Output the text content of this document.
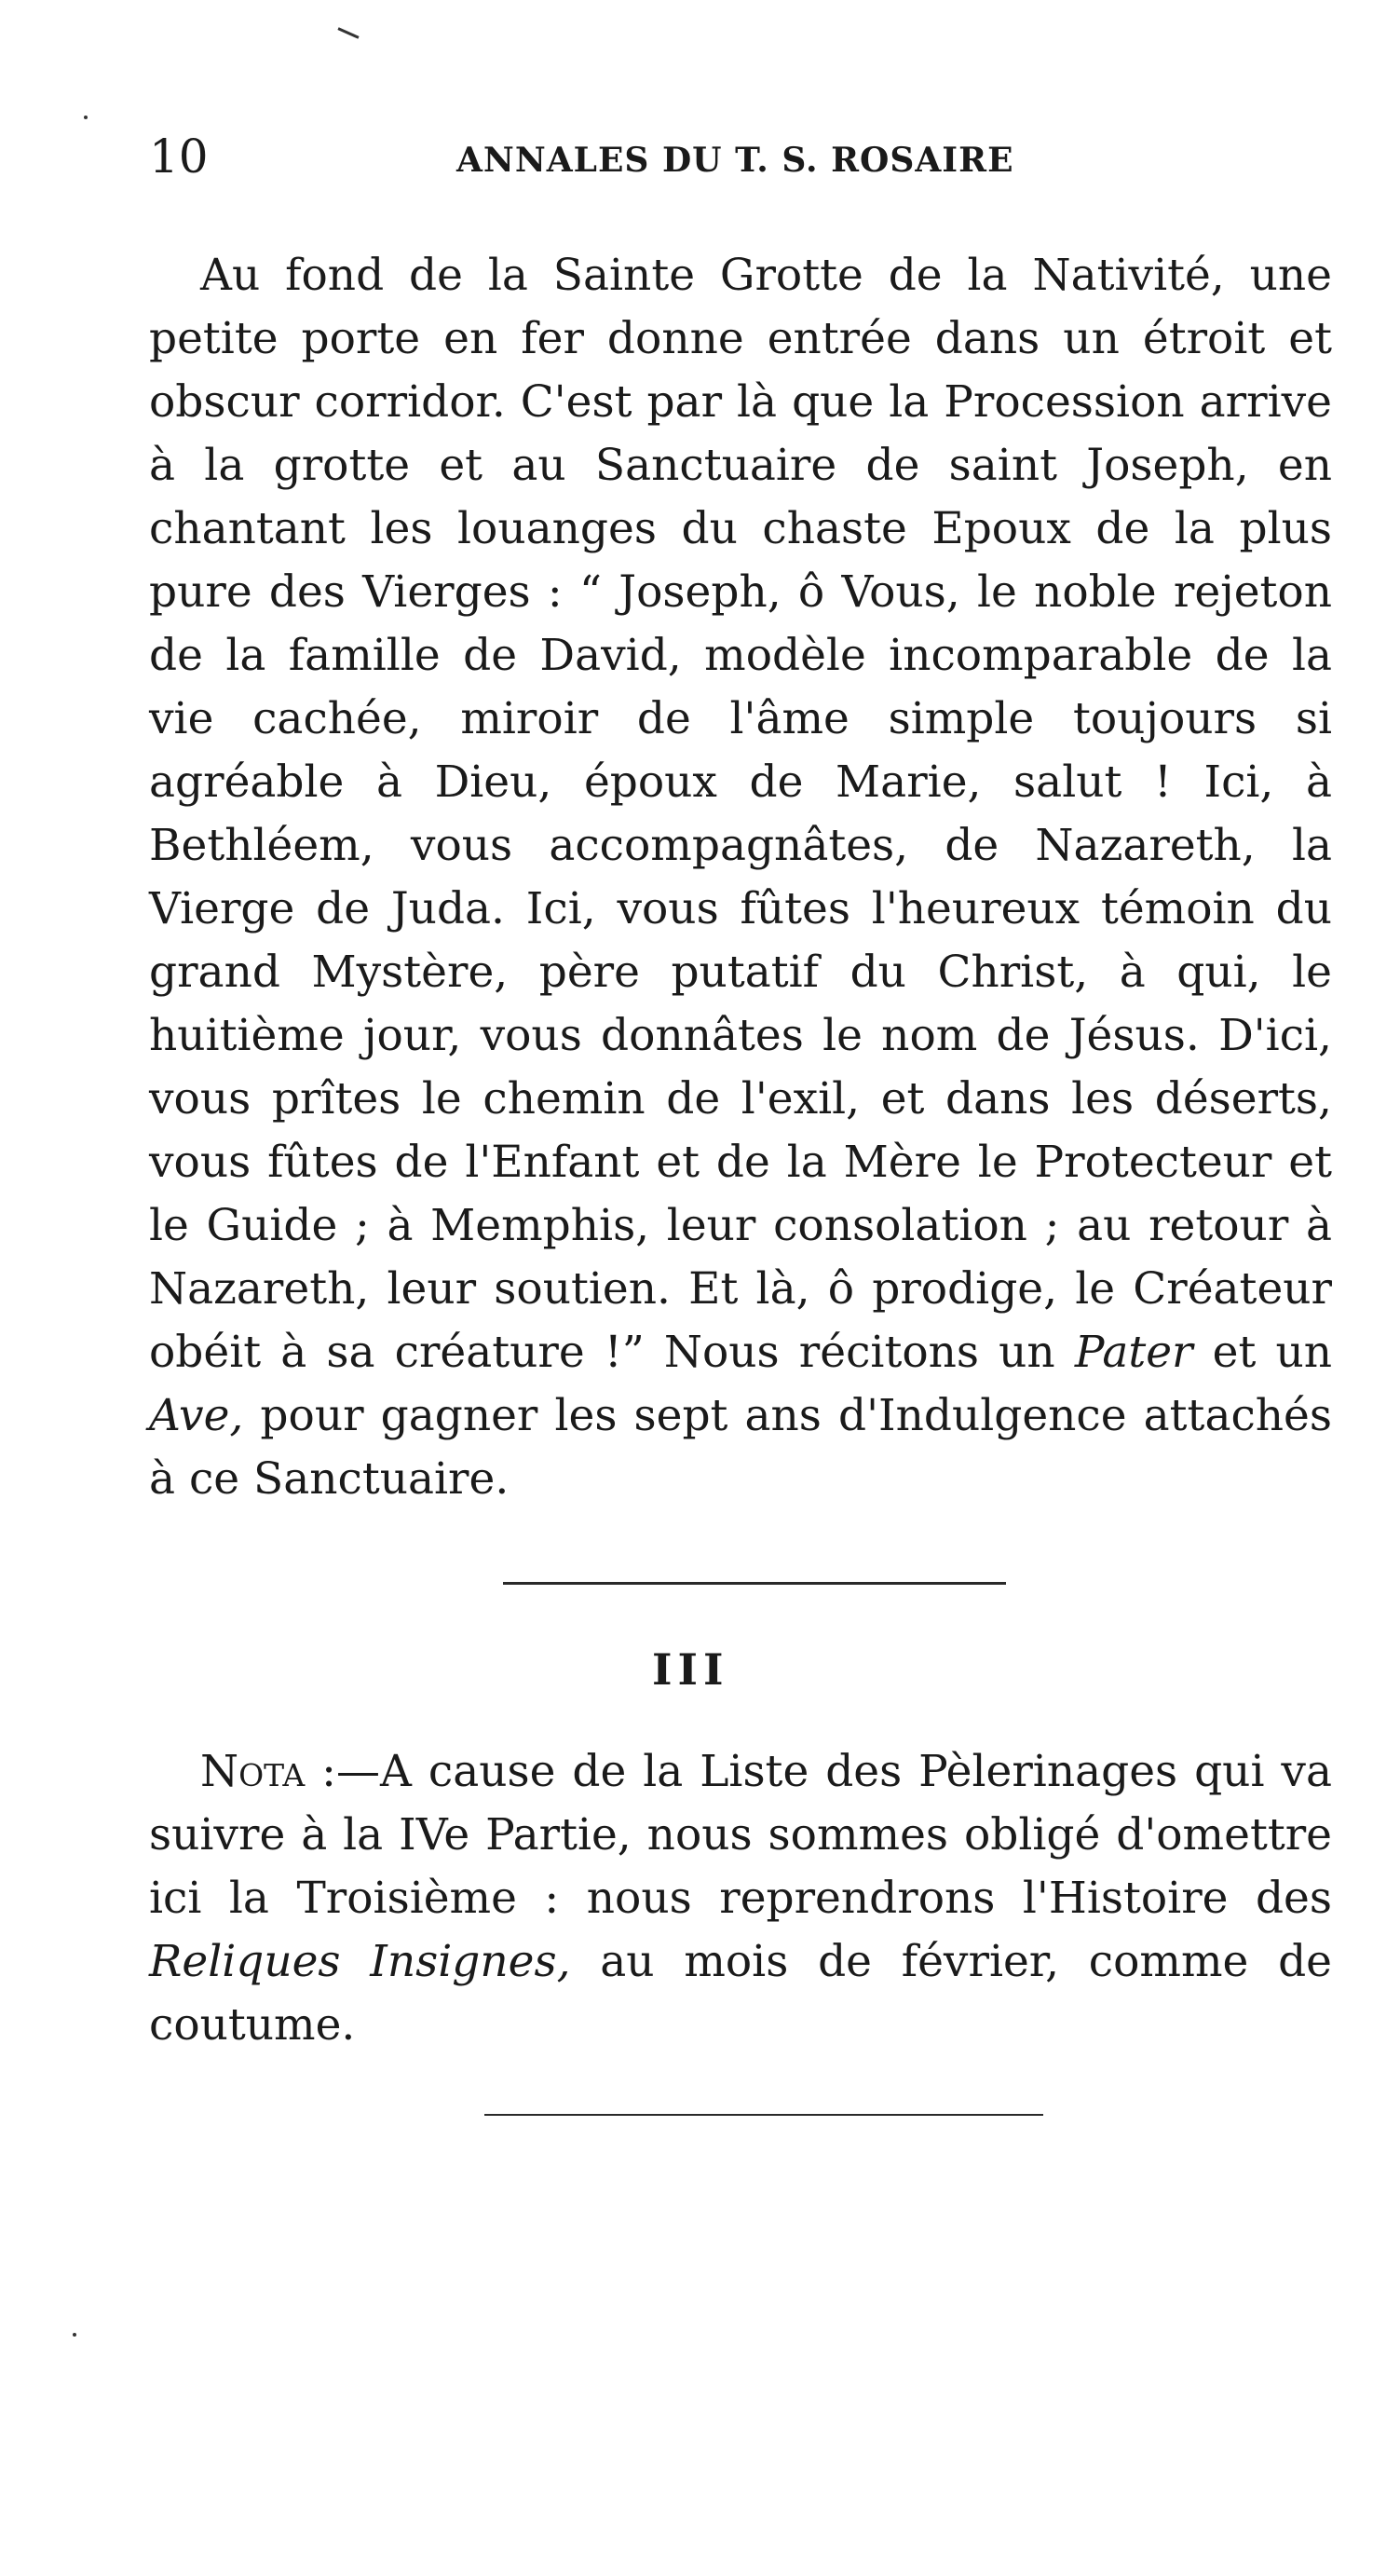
10	ANNALES DU T. S. ROSAIRE

Au fond de la Sainte Grotte de la Nativité, une petite porte en fer donne entrée dans un étroit et obscur corridor. C'est par là que la Procession arrive à la grotte et au Sanctuaire de saint Joseph, en chantant les louanges du chaste Epoux de la plus pure des Vierges : “ Joseph, ô Vous, le noble rejeton de la famille de David, modèle incomparable de la vie cachée, miroir de l'âme simple toujours si agréable à Dieu, époux de Marie, salut ! Ici, à Bethléem, vous accompagnâtes, de Nazareth, la Vierge de Juda. Ici, vous fûtes l'heureux témoin du grand Mystère, père putatif du Christ, à qui, le huitième jour, vous donnâtes le nom de Jésus. D'ici, vous prîtes le chemin de l'exil, et dans les déserts, vous fûtes de l'Enfant et de la Mère le Protecteur et le Guide ; à Memphis, leur consolation ; au retour à Nazareth, leur soutien. Et là, ô prodige, le Créateur obéit à sa créature !” Nous récitons un Pater et un Ave, pour gagner les sept ans d'Indulgence attachés à ce Sanctuaire.

III

Nota :—A cause de la Liste des Pèlerinages qui va suivre à la IVe Partie, nous sommes obligé d'omettre ici la Troisième : nous reprendrons l'Histoire des Reliques Insignes, au mois de février, comme de coutume.
